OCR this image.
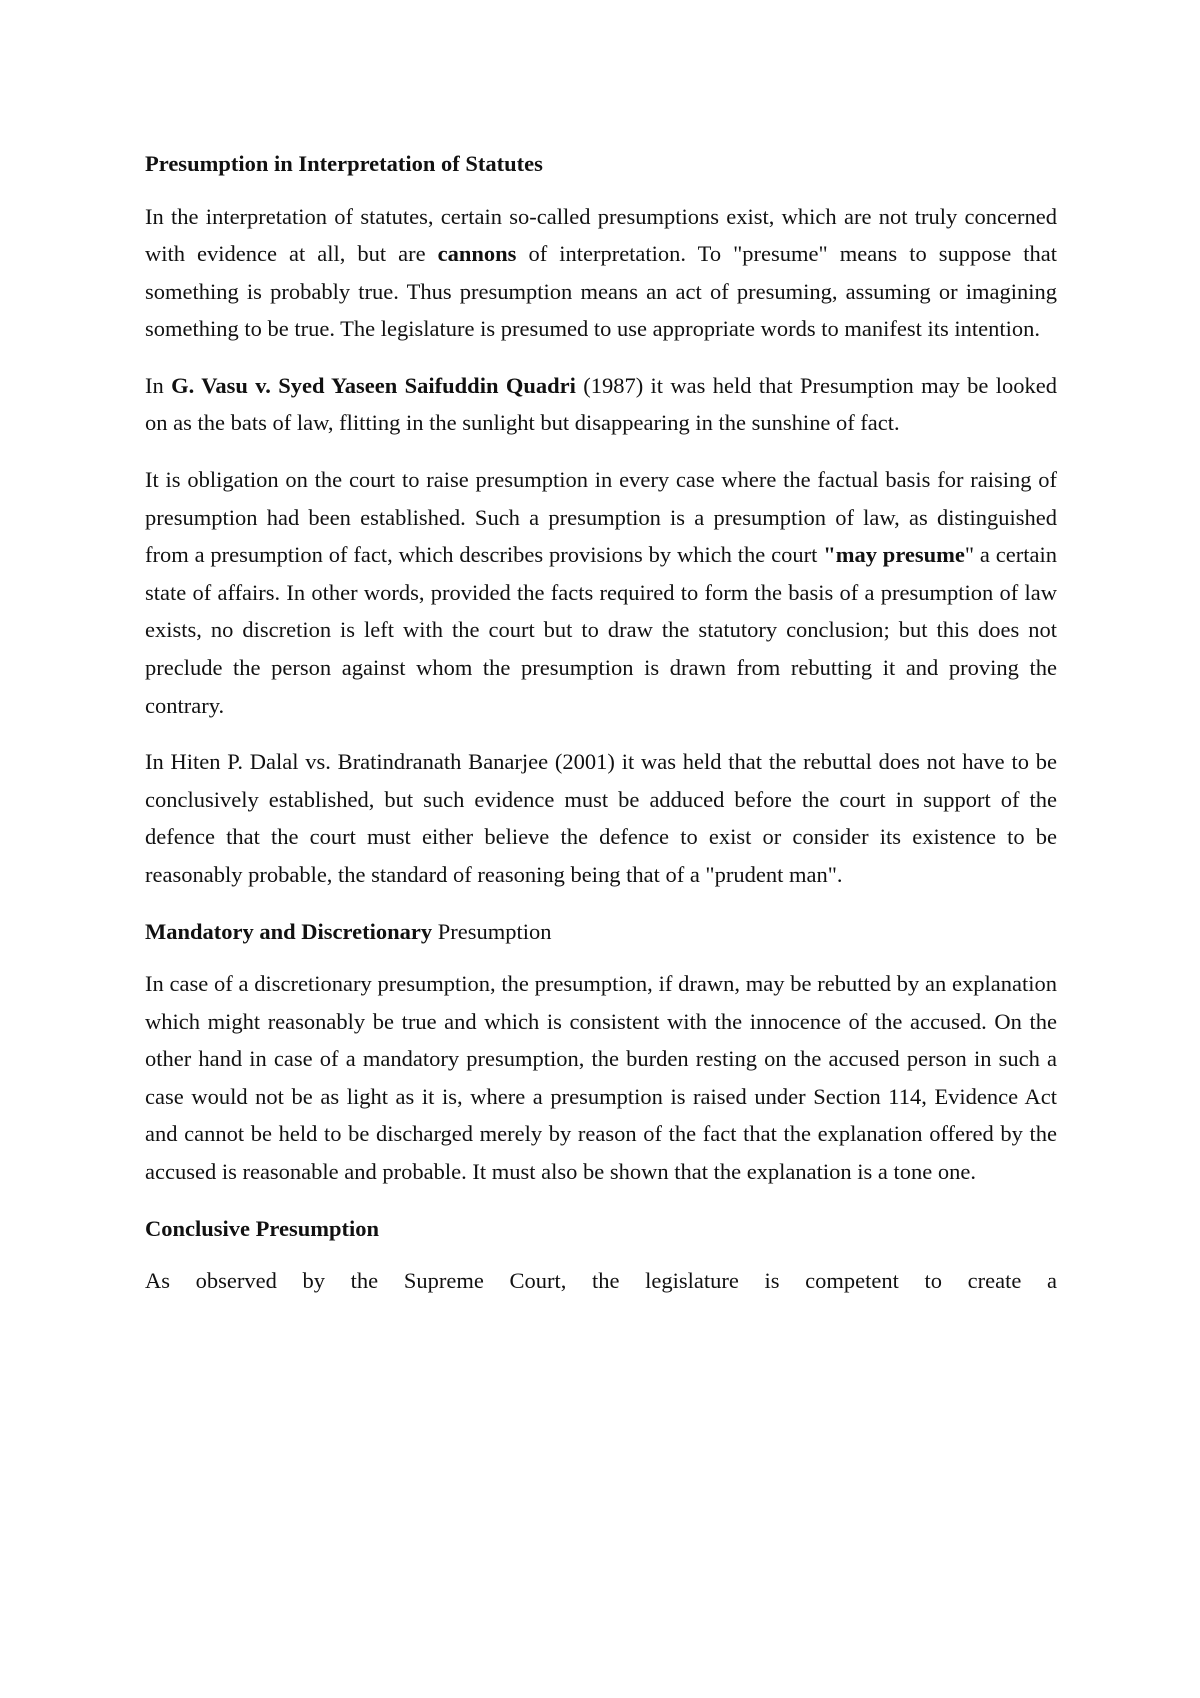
Presumption in Interpretation of Statutes

In the interpretation of statutes, certain so-called presumptions exist, which are not truly concerned with evidence at all, but are cannons of interpretation. To "presume" means to suppose that something is probably true. Thus presumption means an act of presuming, assuming or imagining something to be true. The legislature is presumed to use appropriate words to manifest its intention.

In G. Vasu v. Syed Yaseen Saifuddin Quadri (1987) it was held that Presumption may be looked on as the bats of law, flitting in the sunlight but disappearing in the sunshine of fact.

It is obligation on the court to raise presumption in every case where the factual basis for raising of presumption had been established. Such a presumption is a presumption of law, as distinguished from a presumption of fact, which describes provisions by which the court "may presume" a certain state of affairs. In other words, provided the facts required to form the basis of a presumption of law exists, no discretion is left with the court but to draw the statutory conclusion; but this does not preclude the person against whom the presumption is drawn from rebutting it and proving the contrary.

In Hiten P. Dalal vs. Bratindranath Banarjee (2001) it was held that the rebuttal does not have to be conclusively established, but such evidence must be adduced before the court in support of the defence that the court must either believe the defence to exist or consider its existence to be reasonably probable, the standard of reasoning being that of a "prudent man".

Mandatory and Discretionary Presumption

In case of a discretionary presumption, the presumption, if drawn, may be rebutted by an explanation which might reasonably be true and which is consistent with the innocence of the accused. On the other hand in case of a mandatory presumption, the burden resting on the accused person in such a case would not be as light as it is, where a presumption is raised under Section 114, Evidence Act and cannot be held to be discharged merely by reason of the fact that the explanation offered by the accused is reasonable and probable. It must also be shown that the explanation is a tone one.

Conclusive Presumption

As observed by the Supreme Court, the legislature is competent to create a
